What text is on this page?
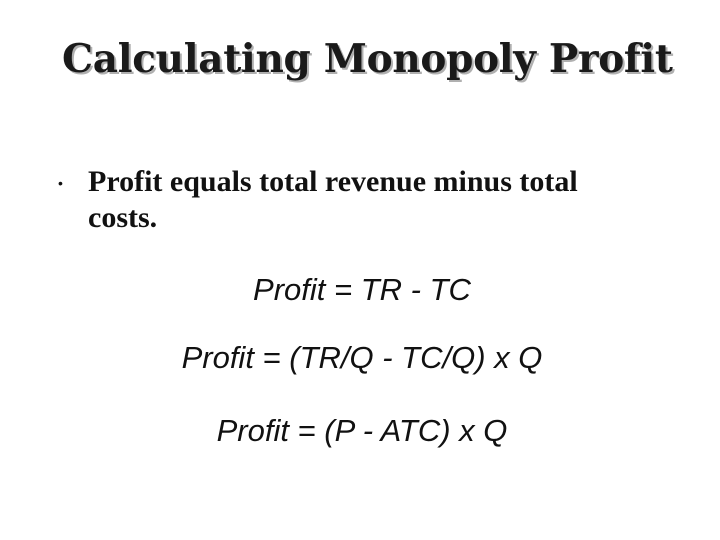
Calculating Monopoly Profit
• Profit equals total revenue minus total costs.
Profit = TR - TC
Profit = (TR/Q - TC/Q) x Q
Profit = (P - ATC) x Q
